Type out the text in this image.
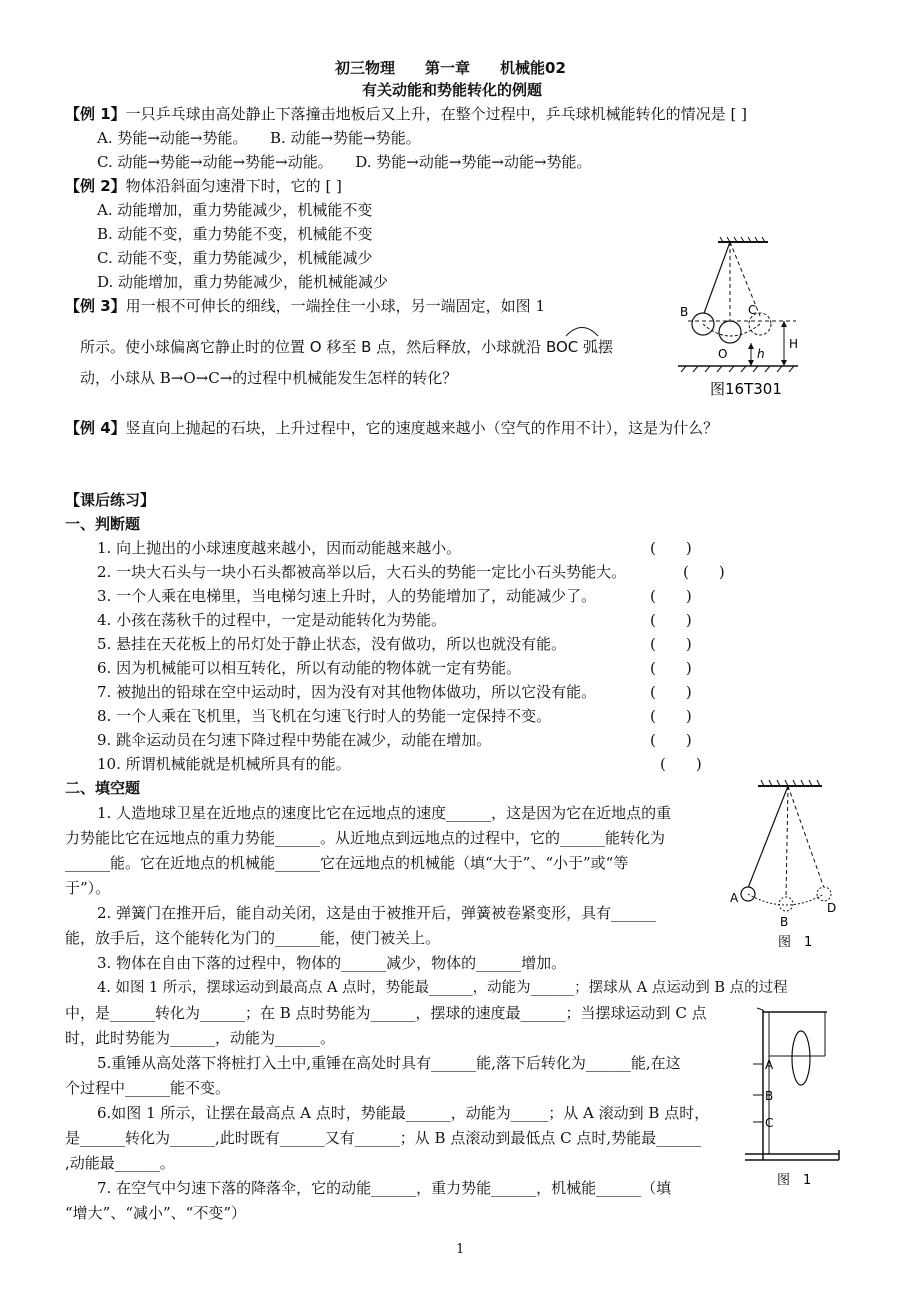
初三物理　　第一章　　机械能02
有关动能和势能转化的例题
【例 1】一只乒乓球由高处静止下落撞击地板后又上升，在整个过程中，乒乓球机械能转化的情况是 [ ]
A. 势能→动能→势能。　　B. 动能→势能→势能。
C. 动能→势能→动能→势能→动能。　　D. 势能→动能→势能→动能→势能。
【例 2】物体沿斜面匀速滑下时，它的 [ ]
A. 动能增加，重力势能减少，机械能不变
B. 动能不变，重力势能不变，机械能不变
C. 动能不变，重力势能减少，机械能减少
D. 动能增加，重力势能减少，能机械能减少
【例 3】用一根不可伸长的细线，一端拴住一小球，另一端固定，如图 1
所示。使小球偏离它静止时的位置 O 移至 B 点，然后释放，小球就沿 BOC 弧摆
动，小球从 B→O→C→的过程中机械能发生怎样的转化？
B	C
O h
H
图16T301
【例 4】竖直向上抛起的石块，上升过程中，它的速度越来越小（空气的作用不计），这是为什么？
【课后练习】
一、判断题
1. 向上抛出的小球速度越来越小，因而动能越来越小。
2. 一块大石头与一块小石头都被高举以后，大石头的势能一定比小石头势能大。
3. 一个人乘在电梯里，当电梯匀速上升时，人的势能增加了，动能减少了。
4. 小孩在荡秋千的过程中，一定是动能转化为势能。
5. 悬挂在天花板上的吊灯处于静止状态，没有做功，所以也就没有能。
6. 因为机械能可以相互转化，所以有动能的物体就一定有势能。
7. 被抛出的铅球在空中运动时，因为没有对其他物体做功，所以它没有能。
8. 一个人乘在飞机里，当飞机在匀速飞行时人的势能一定保持不变。
9. 跳伞运动员在匀速下降过程中势能在减少，动能在增加。
10. 所谓机械能就是机械所具有的能。
(　　)
(　　)
(　　)
(　　)
(　　)
(　　)
(　　)
(　　)
(　　)
(　　)
二、填空题
1. 人造地球卫星在近地点的速度比它在远地点的速度______，这是因为它在近地点的重
力势能比它在远地点的重力势能______。从近地点到远地点的过程中，它的______能转化为
______能。它在近地点的机械能______它在远地点的机械能（填“大于”、“小于”或“等
于”）。
2. 弹簧门在推开后，能自动关闭，这是由于被推开后，弹簧被卷紧变形，具有______
能，放手后，这个能转化为门的______能，使门被关上。
3. 物体在自由下落的过程中，物体的______减少，物体的______增加。
4. 如图 1 所示，摆球运动到最高点 A 点时，势能最______，动能为______；摆球从 A 点运动到 B 点的过程
中，是______转化为______；在 B 点时势能为______，摆球的速度最______；当摆球运动到 C 点
时，此时势能为______，动能为______。
5.重锤从高处落下将桩打入土中,重锤在高处时具有______能,落下后转化为______能,在这
个过程中______能不变。
6.如图 1 所示，让摆在最高点 A 点时，势能最______，动能为_____；从 A 滚动到 B 点时，
是______转化为______,此时既有______又有______；从 B 点滚动到最低点 C 点时,势能最______
,动能最______。
7. 在空气中匀速下落的降落伞，它的动能______，重力势能______，机械能______（填
“增大”、“减小”、“不变”）
A
B
D
图　1
A
B
C
图　1
1
